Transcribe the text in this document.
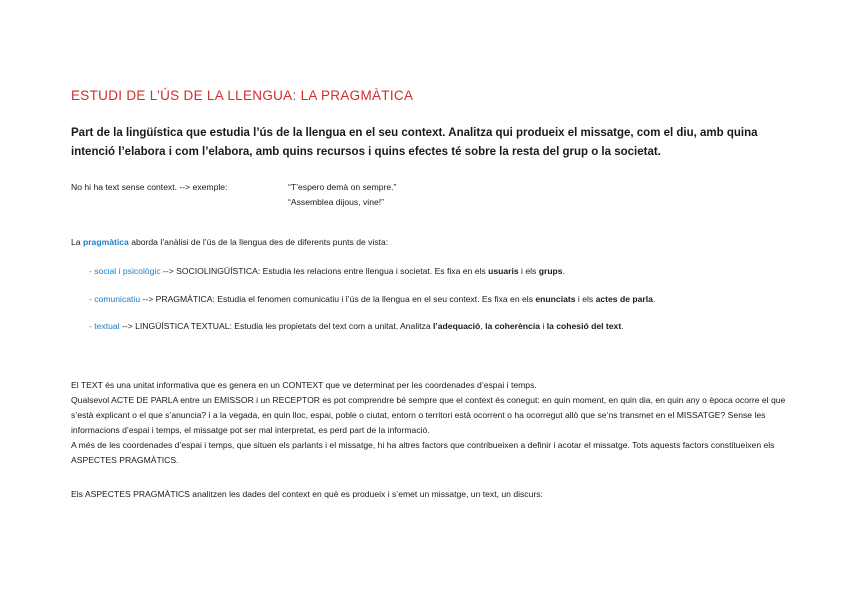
ESTUDI DE L’ÚS DE LA LLENGUA: LA PRAGMÀTICA
Part de la lingüística que estudia l’ús de la llengua en el seu context. Analitza qui produeix el missatge, com el diu, amb quina intenció l’elabora i com l’elabora, amb quins recursos i quins efectes té sobre la resta del grup o la societat.
No hi ha text sense context. --> exemple:	“T’espero demà on sempre.”
“Assemblea dijous, vine!”
La pragmàtica aborda l’anàlisi de l’ús de la llengua des de diferents punts de vista:
- social i psicològic --> SOCIOLINGÜÍSTICA: Estudia les relacions entre llengua i societat. Es fixa en els usuaris i els grups.
- comunicatiu --> PRAGMÀTICA: Estudia el fenomen comunicatiu i l’ús de la llengua en el seu context. Es fixa en els enunciats i els actes de parla.
- textual --> LINGÜÍSTICA TEXTUAL: Estudia les propietats del text com a unitat. Analitza l’adequació, la coherència i la cohesió del text.
El TEXT és una unitat informativa que es genera en un CONTEXT que ve determinat per les coordenades d’espai i temps.
Qualsevol ACTE DE PARLA entre un EMISSOR i un RECEPTOR es pot comprendre bé sempre que el context és conegut: en quin moment, en quin dia, en quin any o època ocorre el que s’està explicant o el que s’anuncia? i a la vegada, en quin lloc, espai, poble o ciutat, entorn o territori està ocorrent o ha ocorregut allò que se’ns transmet en el MISSATGE? Sense les informacions d’espai i temps, el missatge pot ser mal interpretat, es perd part de la informació.
A més de les coordenades d’espai i temps, que situen els parlants i el missatge, hi ha altres factors que contribueixen a definir i acotar el missatge. Tots aquests factors constitueixen els ASPECTES PRAGMÀTICS.
Els ASPECTES PRAGMÀTICS analitzen les dades del context en què es produeix i s’emet un missatge, un text, un discurs:
